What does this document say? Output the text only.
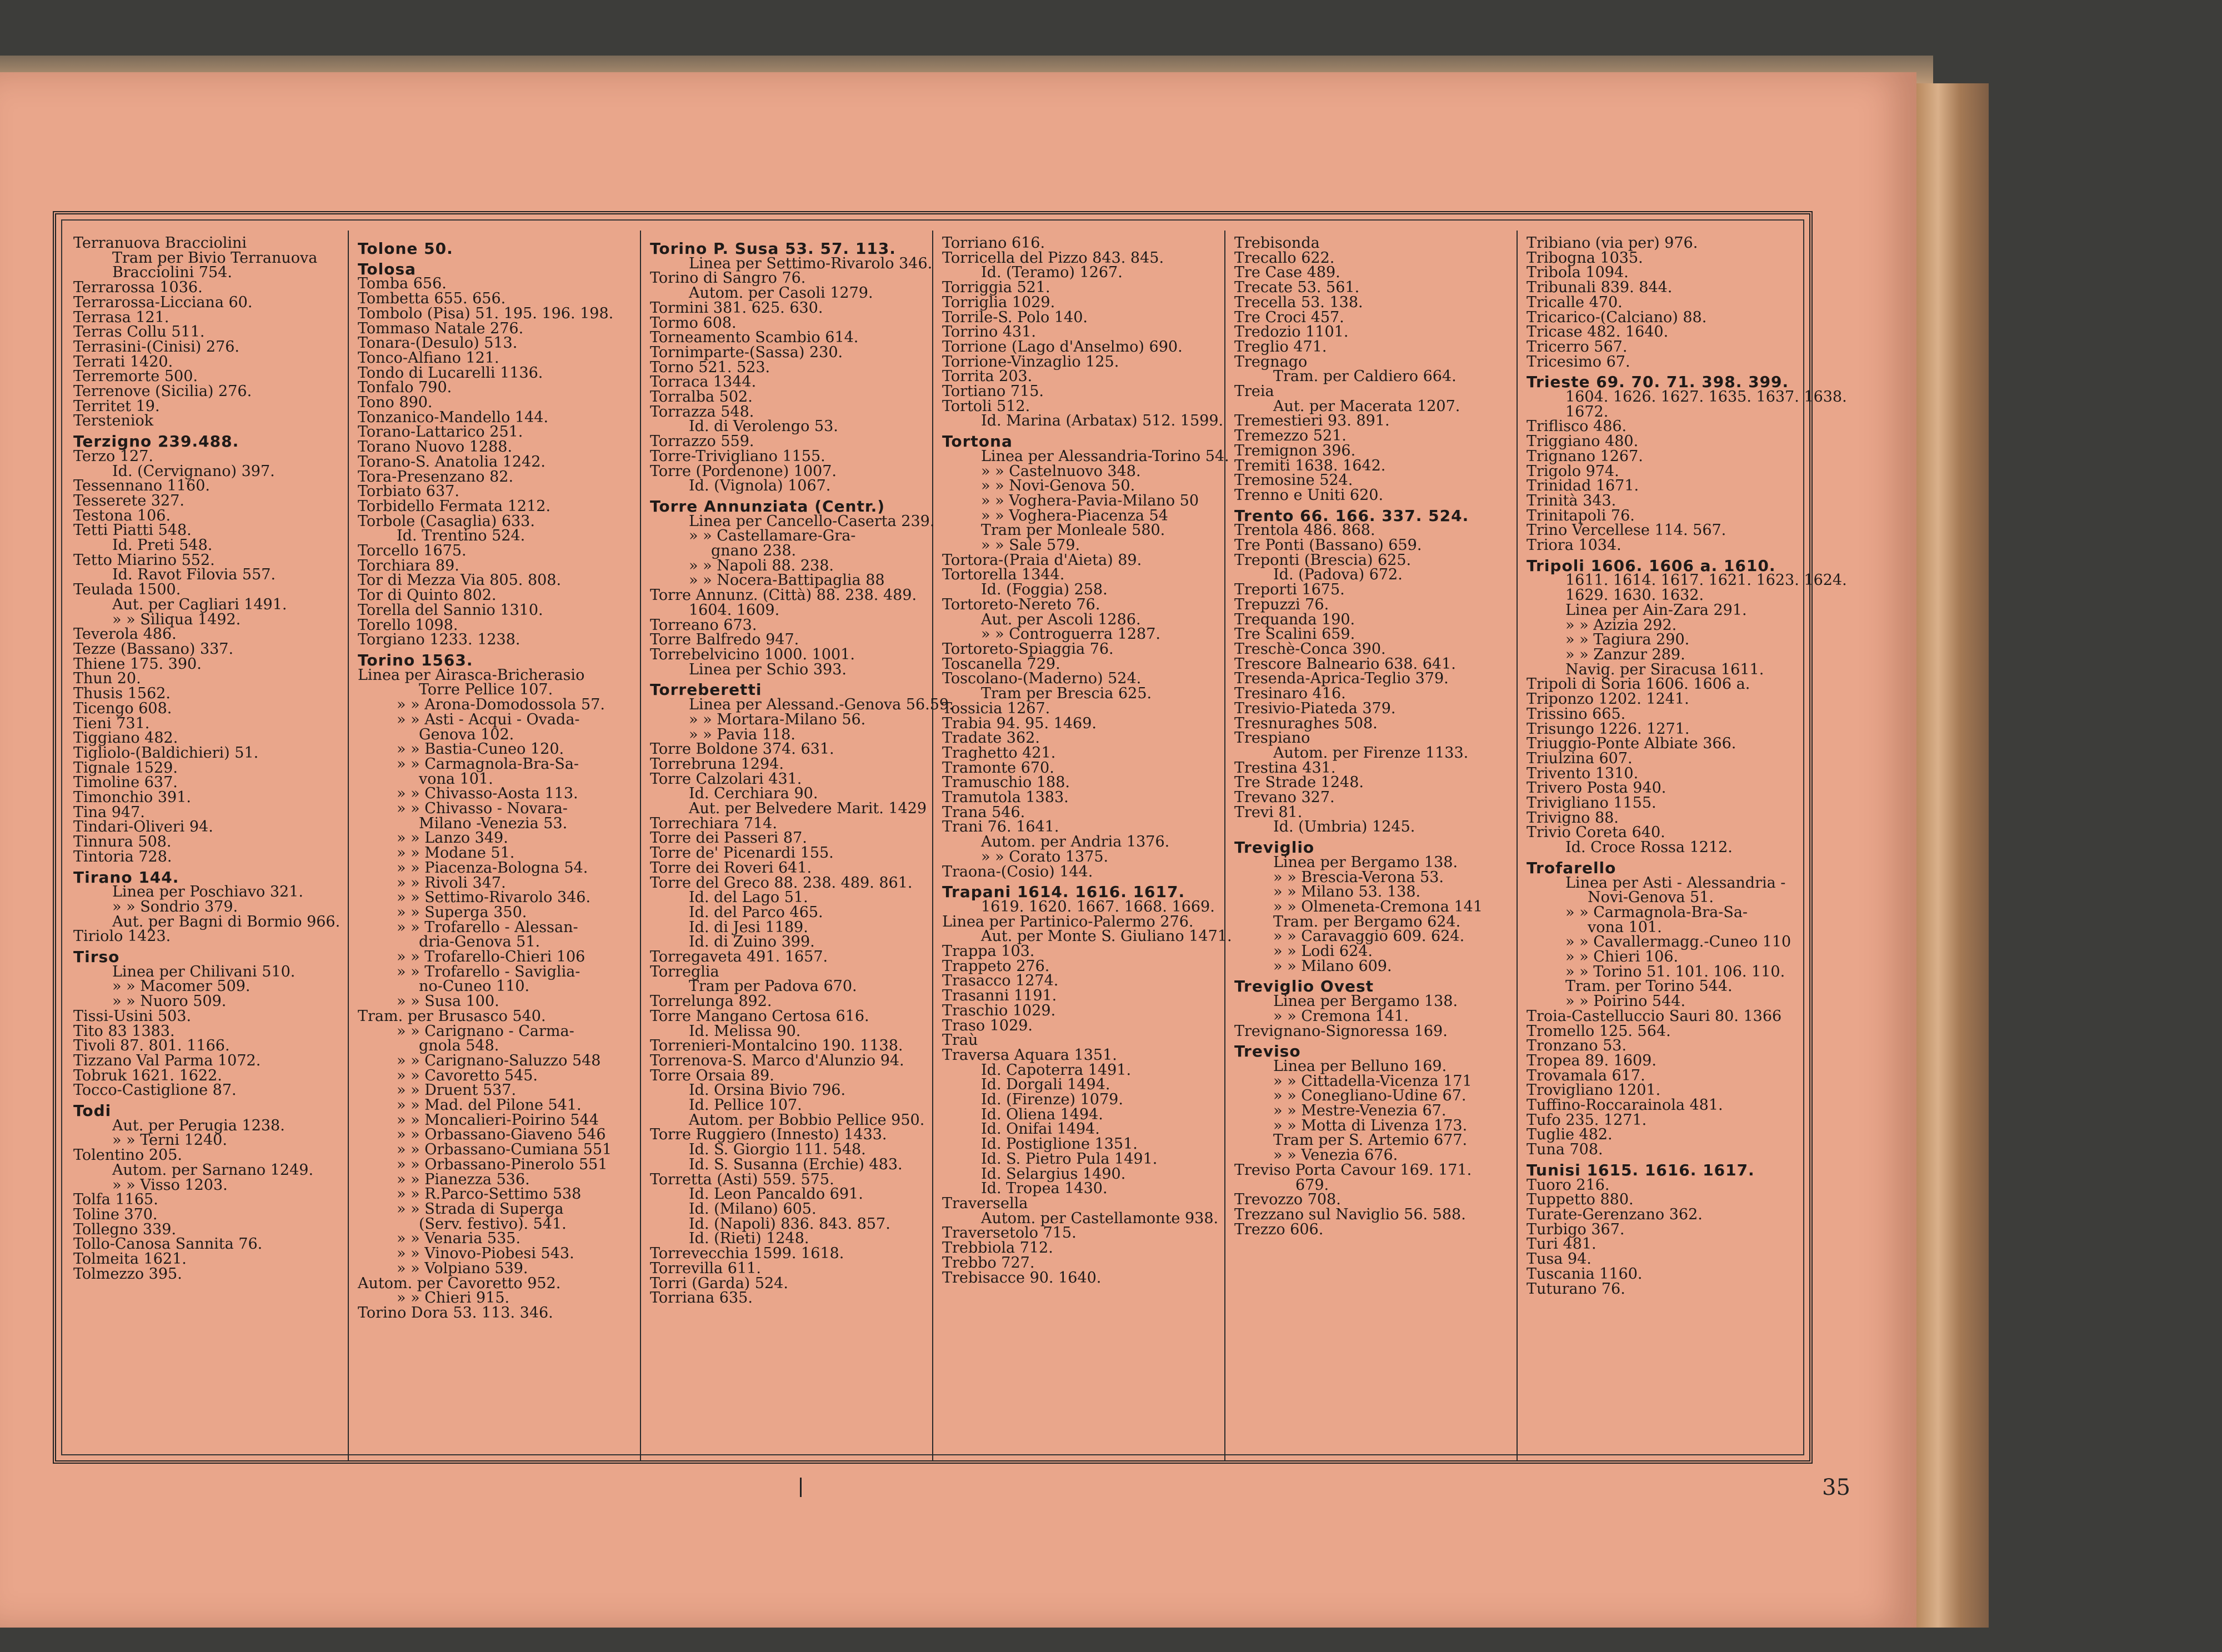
Terranuova Bracciolini
Tram per Bivio Terranuova
Bracciolini 754.
Terrarossa 1036.
Terrarossa-Licciana 60.
Terrasa 121.
Terras Collu 511.
Terrasini-(Cinisi) 276.
Terrati 1420.
Terremorte 500.
Terrenove (Sicilia) 276.
Territet 19.
Tersteniok
Terzigno 239.488.
Terzo 127.
Id. (Cervignano) 397.
Tessennano 1160.
Tesserete 327.
Testona 106.
Tetti Piatti 548.
Id. Preti 548.
Tetto Miarino 552.
Id. Ravot Filovia 557.
Teulada 1500.
Aut. per Cagliari 1491.
» » Siliqua 1492.
Teverola 486.
Tezze (Bassano) 337.
Thiene 175. 390.
Thun 20.
Thusis 1562.
Ticengo 608.
Tieni 731.
Tiggiano 482.
Tigliolo-(Baldichieri) 51.
Tignale 1529.
Timoline 637.
Timonchio 391.
Tina 947.
Tindari-Oliveri 94.
Tinnura 508.
Tintoria 728.
Tirano 144.
Linea per Poschiavo 321.
» » Sondrio 379.
Aut. per Bagni di Bormio 966.
Tiriolo 1423.
Tirso
Linea per Chilivani 510.
» » Macomer 509.
» » Nuoro 509.
Tissi-Usini 503.
Tito 83 1383.
Tivoli 87. 801. 1166.
Tizzano Val Parma 1072.
Tobruk 1621. 1622.
Tocco-Castiglione 87.
Todi
Aut. per Perugia 1238.
» » Terni 1240.
Tolentino 205.
Autom. per Sarnano 1249.
» » Visso 1203.
Tolfa 1165.
Toline 370.
Tollegno 339.
Tollo-Canosa Sannita 76.
Tolmeita 1621.
Tolmezzo 395.
Tolone 50.
Tolosa
Tomba 656.
Tombetta 655. 656.
Tombolo (Pisa) 51. 195. 196. 198.
Tommaso Natale 276.
Tonara-(Desulo) 513.
Tonco-Alfiano 121.
Tondo di Lucarelli 1136.
Tonfalo 790.
Tono 890.
Tonzanico-Mandello 144.
Torano-Lattarico 251.
Torano Nuovo 1288.
Torano-S. Anatolia 1242.
Tora-Presenzano 82.
Torbiato 637.
Torbidello Fermata 1212.
Torbole (Casaglia) 633.
Id. Trentino 524.
Torcello 1675.
Torchiara 89.
Tor di Mezza Via 805. 808.
Tor di Quinto 802.
Torella del Sannio 1310.
Torello 1098.
Torgiano 1233. 1238.
Torino 1563.
Linea per Airasca-Bricherasio
Torre Pellice 107.
» » Arona-Domodossola 57.
» » Asti - Acqui - Ovada-
Genova 102.
» » Bastia-Cuneo 120.
» » Carmagnola-Bra-Sa-
vona 101.
» » Chivasso-Aosta 113.
» » Chivasso - Novara-
Milano -Venezia 53.
» » Lanzo 349.
» » Modane 51.
» » Piacenza-Bologna 54.
» » Rivoli 347.
» » Settimo-Rivarolo 346.
» » Superga 350.
» » Trofarello - Alessan-
dria-Genova 51.
» » Trofarello-Chieri 106
» » Trofarello - Saviglia-
no-Cuneo 110.
» » Susa 100.
Tram. per Brusasco 540.
» » Carignano - Carma-
gnola 548.
» » Carignano-Saluzzo 548
» » Cavoretto 545.
» » Druent 537.
» » Mad. del Pilone 541.
» » Moncalieri-Poirino 544
» » Orbassano-Giaveno 546
» » Orbassano-Cumiana 551
» » Orbassano-Pinerolo 551
» » Pianezza 536.
» » R.Parco-Settimo 538
» » Strada di Superga
(Serv. festivo). 541.
» » Venaria 535.
» » Vinovo-Piobesi 543.
» » Volpiano 539.
Autom. per Cavoretto 952.
» » Chieri 915.
Torino Dora 53. 113. 346.
Torino P. Susa 53. 57. 113.
Linea per Settimo-Rivarolo 346.
Torino di Sangro 76.
Autom. per Casoli 1279.
Tormini 381. 625. 630.
Tormo 608.
Torneamento Scambio 614.
Tornimparte-(Sassa) 230.
Torno 521. 523.
Torraca 1344.
Torralba 502.
Torrazza 548.
Id. di Verolengo 53.
Torrazzo 559.
Torre-Trivigliano 1155.
Torre (Pordenone) 1007.
Id. (Vignola) 1067.
Torre Annunziata (Centr.)
Linea per Cancello-Caserta 239.
» » Castellamare-Gra-
gnano 238.
» » Napoli 88. 238.
» » Nocera-Battipaglia 88
Torre Annunz. (Città) 88. 238. 489.
1604. 1609.
Torreano 673.
Torre Balfredo 947.
Torrebelvicino 1000. 1001.
Linea per Schio 393.
Torreberetti
Linea per Alessand.-Genova 56.59.
» » Mortara-Milano 56.
» » Pavia 118.
Torre Boldone 374. 631.
Torrebruna 1294.
Torre Calzolari 431.
Id. Cerchiara 90.
Aut. per Belvedere Marit. 1429
Torrechiara 714.
Torre dei Passeri 87.
Torre de' Picenardi 155.
Torre dei Roveri 641.
Torre del Greco 88. 238. 489. 861.
Id. del Lago 51.
Id. del Parco 465.
Id. di Jesi 1189.
Id. di Zuino 399.
Torregaveta 491. 1657.
Torreglia
Tram per Padova 670.
Torrelunga 892.
Torre Mangano Certosa 616.
Id. Melissa 90.
Torrenieri-Montalcino 190. 1138.
Torrenova-S. Marco d'Alunzio 94.
Torre Orsaia 89.
Id. Orsina Bivio 796.
Id. Pellice 107.
Autom. per Bobbio Pellice 950.
Torre Ruggiero (Innesto) 1433.
Id. S. Giorgio 111. 548.
Id. S. Susanna (Erchie) 483.
Torretta (Asti) 559. 575.
Id. Leon Pancaldo 691.
Id. (Milano) 605.
Id. (Napoli) 836. 843. 857.
Id. (Rieti) 1248.
Torrevecchia 1599. 1618.
Torrevilla 611.
Torri (Garda) 524.
Torriana 635.
Torriano 616.
Torricella del Pizzo 843. 845.
Id. (Teramo) 1267.
Torriggia 521.
Torriglia 1029.
Torrile-S. Polo 140.
Torrino 431.
Torrione (Lago d'Anselmo) 690.
Torrione-Vinzaglio 125.
Torrita 203.
Tortiano 715.
Tortoli 512.
Id. Marina (Arbatax) 512. 1599.
Tortona
Linea per Alessandria-Torino 54.
» » Castelnuovo 348.
» » Novi-Genova 50.
» » Voghera-Pavia-Milano 50
» » Voghera-Piacenza 54
Tram per Monleale 580.
» » Sale 579.
Tortora-(Praia d'Aieta) 89.
Tortorella 1344.
Id. (Foggia) 258.
Tortoreto-Nereto 76.
Aut. per Ascoli 1286.
» » Controguerra 1287.
Tortoreto-Spiaggia 76.
Toscanella 729.
Toscolano-(Maderno) 524.
Tram per Brescia 625.
Tossicia 1267.
Trabia 94. 95. 1469.
Tradate 362.
Traghetto 421.
Tramonte 670.
Tramuschio 188.
Tramutola 1383.
Trana 546.
Trani 76. 1641.
Autom. per Andria 1376.
» » Corato 1375.
Traona-(Cosio) 144.
Trapani 1614. 1616. 1617.
1619. 1620. 1667. 1668. 1669.
Linea per Partinico-Palermo 276.
Aut. per Monte S. Giuliano 1471.
Trappa 103.
Trappeto 276.
Trasacco 1274.
Trasanni 1191.
Traschio 1029.
Traso 1029.
Traù
Traversa Aquara 1351.
Id. Capoterra 1491.
Id. Dorgali 1494.
Id. (Firenze) 1079.
Id. Oliena 1494.
Id. Onifai 1494.
Id. Postiglione 1351.
Id. S. Pietro Pula 1491.
Id. Selargius 1490.
Id. Tropea 1430.
Traversella
Autom. per Castellamonte 938.
Traversetolo 715.
Trebbiola 712.
Trebbo 727.
Trebisacce 90. 1640.
Trebisonda
Trecallo 622.
Tre Case 489.
Trecate 53. 561.
Trecella 53. 138.
Tre Croci 457.
Tredozio 1101.
Treglio 471.
Tregnago
Tram. per Caldiero 664.
Treia
Aut. per Macerata 1207.
Tremestieri 93. 891.
Tremezzo 521.
Tremignon 396.
Tremiti 1638. 1642.
Tremosine 524.
Trenno e Uniti 620.
Trento 66. 166. 337. 524.
Trentola 486. 868.
Tre Ponti (Bassano) 659.
Treponti (Brescia) 625.
Id. (Padova) 672.
Treporti 1675.
Trepuzzi 76.
Trequanda 190.
Tre Scalini 659.
Treschè-Conca 390.
Trescore Balneario 638. 641.
Tresenda-Aprica-Teglio 379.
Tresinaro 416.
Tresivio-Piateda 379.
Tresnuraghes 508.
Trespiano
Autom. per Firenze 1133.
Trestina 431.
Tre Strade 1248.
Trevano 327.
Trevi 81.
Id. (Umbria) 1245.
Treviglio
Linea per Bergamo 138.
» » Brescia-Verona 53.
» » Milano 53. 138.
» » Olmeneta-Cremona 141
Tram. per Bergamo 624.
» » Caravaggio 609. 624.
» » Lodi 624.
» » Milano 609.
Treviglio Ovest
Linea per Bergamo 138.
» » Cremona 141.
Trevignano-Signoressa 169.
Treviso
Linea per Belluno 169.
» » Cittadella-Vicenza 171
» » Conegliano-Udine 67.
» » Mestre-Venezia 67.
» » Motta di Livenza 173.
Tram per S. Artemio 677.
» » Venezia 676.
Treviso Porta Cavour 169. 171.
679.
Trevozzo 708.
Trezzano sul Naviglio 56. 588.
Trezzo 606.
Tribiano (via per) 976.
Tribogna 1035.
Tribola 1094.
Tribunali 839. 844.
Tricalle 470.
Tricarico-(Calciano) 88.
Tricase 482. 1640.
Tricerro 567.
Tricesimo 67.
Trieste 69. 70. 71. 398. 399.
1604. 1626. 1627. 1635. 1637. 1638.
1672.
Triflisco 486.
Triggiano 480.
Trignano 1267.
Trigolo 974.
Trinidad 1671.
Trinità 343.
Trinitapoli 76.
Trino Vercellese 114. 567.
Triora 1034.
Tripoli 1606. 1606 a. 1610.
1611. 1614. 1617. 1621. 1623. 1624.
1629. 1630. 1632.
Linea per Ain-Zara 291.
» » Azizia 292.
» » Tagiura 290.
» » Zanzur 289.
Navig. per Siracusa 1611.
Tripoli di Soria 1606. 1606 a.
Triponzo 1202. 1241.
Trissino 665.
Trisungo 1226. 1271.
Triuggio-Ponte Albiate 366.
Triulzina 607.
Trivento 1310.
Trivero Posta 940.
Trivigliano 1155.
Trivigno 88.
Trivio Coreta 640.
Id. Croce Rossa 1212.
Trofarello
Linea per Asti - Alessandria -
Novi-Genova 51.
» » Carmagnola-Bra-Sa-
vona 101.
» » Cavallermagg.-Cuneo 110
» » Chieri 106.
» » Torino 51. 101. 106. 110.
Tram. per Torino 544.
» » Poirino 544.
Troia-Castelluccio Sauri 80. 1366
Tromello 125. 564.
Tronzano 53.
Tropea 89. 1609.
Trovamala 617.
Trovigliano 1201.
Tuffino-Roccarainola 481.
Tufo 235. 1271.
Tuglie 482.
Tuna 708.
Tunisi 1615. 1616. 1617.
Tuoro 216.
Tuppetto 880.
Turate-Gerenzano 362.
Turbigo 367.
Turi 481.
Tusa 94.
Tuscania 1160.
Tuturano 76.
35
